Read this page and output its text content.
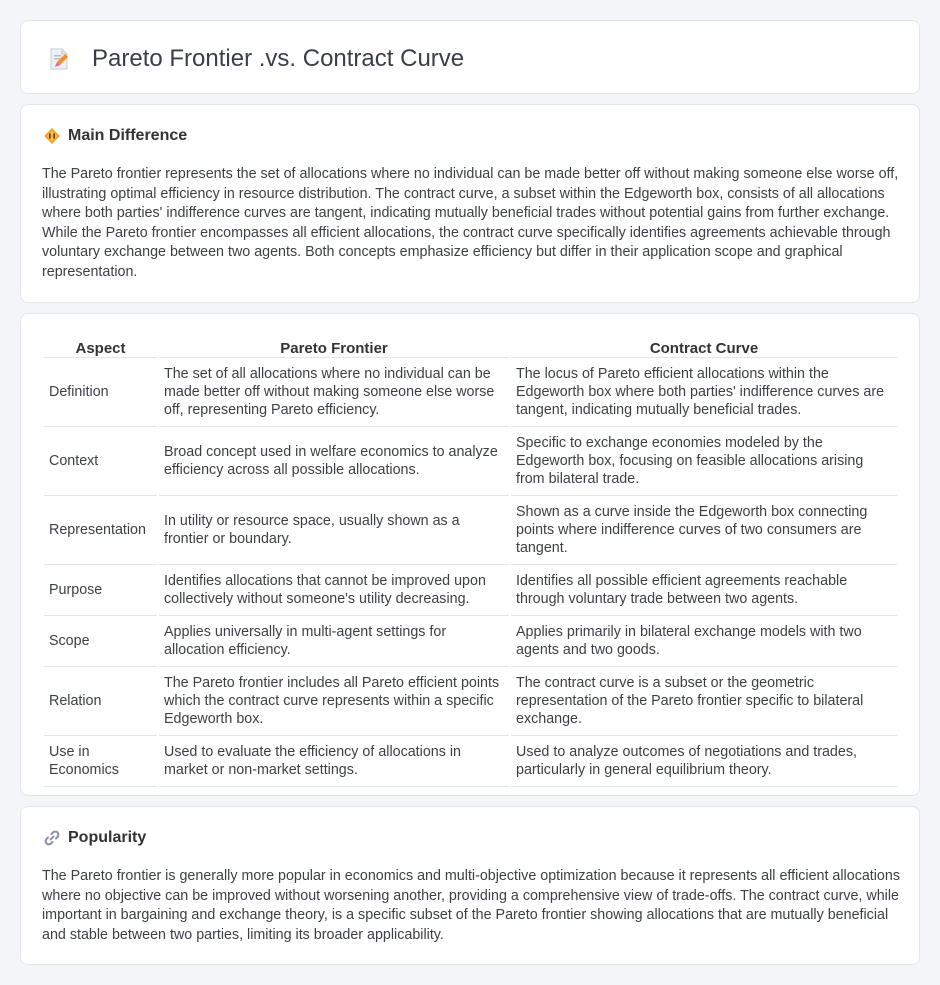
Pareto Frontier .vs. Contract Curve
Main Difference

The Pareto frontier represents the set of allocations where no individual can be made better off without making someone else worse off, illustrating optimal efficiency in resource distribution. The contract curve, a subset within the Edgeworth box, consists of all allocations where both parties' indifference curves are tangent, indicating mutually beneficial trades without potential gains from further exchange. While the Pareto frontier encompasses all efficient allocations, the contract curve specifically identifies agreements achievable through voluntary exchange between two agents. Both concepts emphasize efficiency but differ in their application scope and graphical representation.

Aspect	Pareto Frontier	Contract Curve
Definition	The set of all allocations where no individual can be made better off without making someone else worse off, representing Pareto efficiency.	The locus of Pareto efficient allocations within the Edgeworth box where both parties' indifference curves are tangent, indicating mutually beneficial trades.
Context	Broad concept used in welfare economics to analyze efficiency across all possible allocations.	Specific to exchange economies modeled by the Edgeworth box, focusing on feasible allocations arising from bilateral trade.
Representation	In utility or resource space, usually shown as a frontier or boundary.	Shown as a curve inside the Edgeworth box connecting points where indifference curves of two consumers are tangent.
Purpose	Identifies allocations that cannot be improved upon collectively without someone's utility decreasing.	Identifies all possible efficient agreements reachable through voluntary trade between two agents.
Scope	Applies universally in multi-agent settings for allocation efficiency.	Applies primarily in bilateral exchange models with two agents and two goods.
Relation	The Pareto frontier includes all Pareto efficient points which the contract curve represents within a specific Edgeworth box.	The contract curve is a subset or the geometric representation of the Pareto frontier specific to bilateral exchange.
Use in Economics	Used to evaluate the efficiency of allocations in market or non-market settings.	Used to analyze outcomes of negotiations and trades, particularly in general equilibrium theory.
Popularity

The Pareto frontier is generally more popular in economics and multi-objective optimization because it represents all efficient allocations where no objective can be improved without worsening another, providing a comprehensive view of trade-offs. The contract curve, while important in bargaining and exchange theory, is a specific subset of the Pareto frontier showing allocations that are mutually beneficial and stable between two parties, limiting its broader applicability.
